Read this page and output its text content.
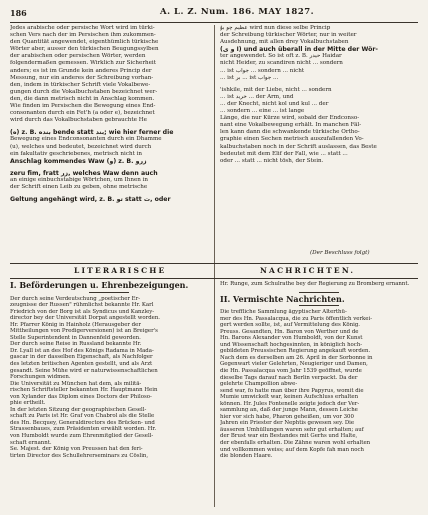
186	A. L. Z. Num. 186. MAY 1827.
Jedes arabische oder persische Wort wird im türki-
schen Vers nach der im Persischen ihm zukommen-
den Quantität angewendet, eigenthümlich türkische
Wörter aber, ausser den türkischen Beugungssylben
der arabischen oder persischen Wörter, werden
folgendermaßen gemessen. Wirklich zur Sicherheit
anders; es ist im Grunde kein anderes Princip der
Messung, nur ein anderes der Schreibung vorhan-
den, indem in türkischer Schrift viele Vokalbewe-
gungen durch die Vokalbuchstaben bezeichnet wer-
den, die dann metrisch nicht in Anschlag kommen.
Wie finden im Persischen die Bewegung eines End-
consonanten durch ein Fet'h (a oder e), bezeichnet
wird durch das Vokalbuchstaben gebrauchte He
(ﻩ) z. B. بنده bende statt بند; wie hier ferner die
Bewegung eines Endconsonanten durch ein Dhamme
(u), welches und bedeutet, bezeichnet wird durch
ein fakultativ geschriebenes, metrisch nicht in
Anschlag kommendes Waw (و) z. B. زرو
zeru fim, fratt زر, welches Waw denn auch
an einige einbuchstabige Wörtchen, um Ihnen in
der Schrift einen Leib zu geben, ohne metrische
Geltung angehängt wird, z. B. تو statt ت, oder
ﻋﻈﻴﻢ ﭼﻮ ﺑﯘ wird nun diese selbe Princip
der Schreibung türkischer Wörter, nur in weiter
Ausdehnung, mit allen drey Vokalbuchstaben
(ا و ی) und auch überall in der Mitte der Wör-
ter angewendet. So ist oft z. B. ﺣﻴﺪﺭ Haidar
nicht Heider, zu scandiren nicht ... sondern
... ist ﺟﻮﺍﺏ ... sondern ... nicht
... ist ﺑﺮ ... ist ﺟﻮﺍﺏ ...
'ishkile, mit der Liebe, nicht ... sondern
... ist ﺧﺮﻳﺪ ... der Arm, und
... der Knecht, nicht kol und kul ... der
... sondern ... eine ... ist lange
Länge, die nur Kürze wird, sobald der Endconso-
nant eine Vokalbewegung erhält. In manchen Fäl-
len kann dann die schwankende türkische Ortho-
graphie einen Sechen metrisch auszufallenden Vo-
kalbuchstaben noch in der Schrift auslassen, das Beste
bedeutet mit dem Elif der Fall, wie ... statt ...
oder ... statt ... nicht tösh, der Stein.
(Der Beschluss folgt)
LITERARISCHE	NACHRICHTEN.
I. Beförderungen u. Ehrenbezeigungen.
Der durch seine Verdeutschung „poetischer Er-
zeugnisse der Russen" rühmlichst bekannte Hr. Karl
Friedrich von der Borg ist als Syndicus und Kanzley-
director bey der Universität Dorpat angestellt worden.
Hr. Pfarrer König in Hainholz (Herausgeber der
Mittheilungen von Predigerversionen) ist an Breiger's
Stelle Superintendent in Dannenfeld geworden.
Der durch seine Reise in Russland bekannte Hr.
Dr. Lyall ist an des Hof des Königs Radama in Mada-
gascar in der dasselben Eigenschaft, als Nachfolger
des letzten britischen Agenten gestellt, und als Arzt
gesandt. Seine Mühe wird er naturwissenschaftlichen
Forschungen widmen.
Die Universität zu München hat dem, als militä-
rischen Schriftsteller bekannten Hr. Hauptmann Hein
von Xylander das Diplom eines Doctors der Philoso-
phie ertheilt.
In der letzten Sitzung der geographischen Gesell-
schaft zu Paris ist Hr. Graf von Chabrol als die Stelle
des Hn. Becquey, Generaldirectors des Brücken- und
Strassenbaues, zum Präsidenten erwählt worden. Hr.
von Humboldt wurde zum Ehrenmitglied der Gesell-
schaft ernannt.
Se. Majest. der König von Preussen hat den feri-
tirten Director des Schullehrerseminars zu Cöslin,
Hr. Runge, zum Schulrathe bey der Regierung zu Bromberg ernannt.
II. Vermischte Nachrichten.
Die treffliche Sammlung ägyptischer Alterthü-
mer des Hn. Passalacqua, die zu Paris öffentlich verkei-
gert werden sollte, ist, auf Vermittelung des König.
Preuss. Gesandten, Hn. Baron von Werther und de
Hn. Barons Alexander von Humboldt, von der Kunst
und Wissenschaft hochgesinnten, in königlich hoch-
gebildeten Preussischen Regierung angekauft worden.
Nach dem es derselben am 26. April in der Sorbonne in
Gegenwart vieler Gelehrten, Neugieriger und Damen,
die Hn. Passalacqua vom Jahr 1539 geöffnet, wurde
dieselbe Tags darauf nach Berlin verpackt. Da der
gelehrte Champollion abwe-
send war, fo hatte man über ihre Papyrus, womit die
Mumie umwickelt war, keinen Aufschluss erhalten
können. Hr. Jules Fontenelle zeigte jedoch der Ver-
sammlung an, daß der junge Mann, dessen Leiche
hier vor sich habe, Pharon geheißen, um vor 300
Jahren ein Priester der Nephtis gewesen sey. Die
äusseren Umhüllungen waren sehr gut erhalten; auf
der Brust war ein Bestandes mit Gerhs und Halte,
der ebenfalls erhalten. Die Zähne waren wohl erhalten
und vollkommen weiss; auf dem Kopfe fah man noch
die blonden Haare.
